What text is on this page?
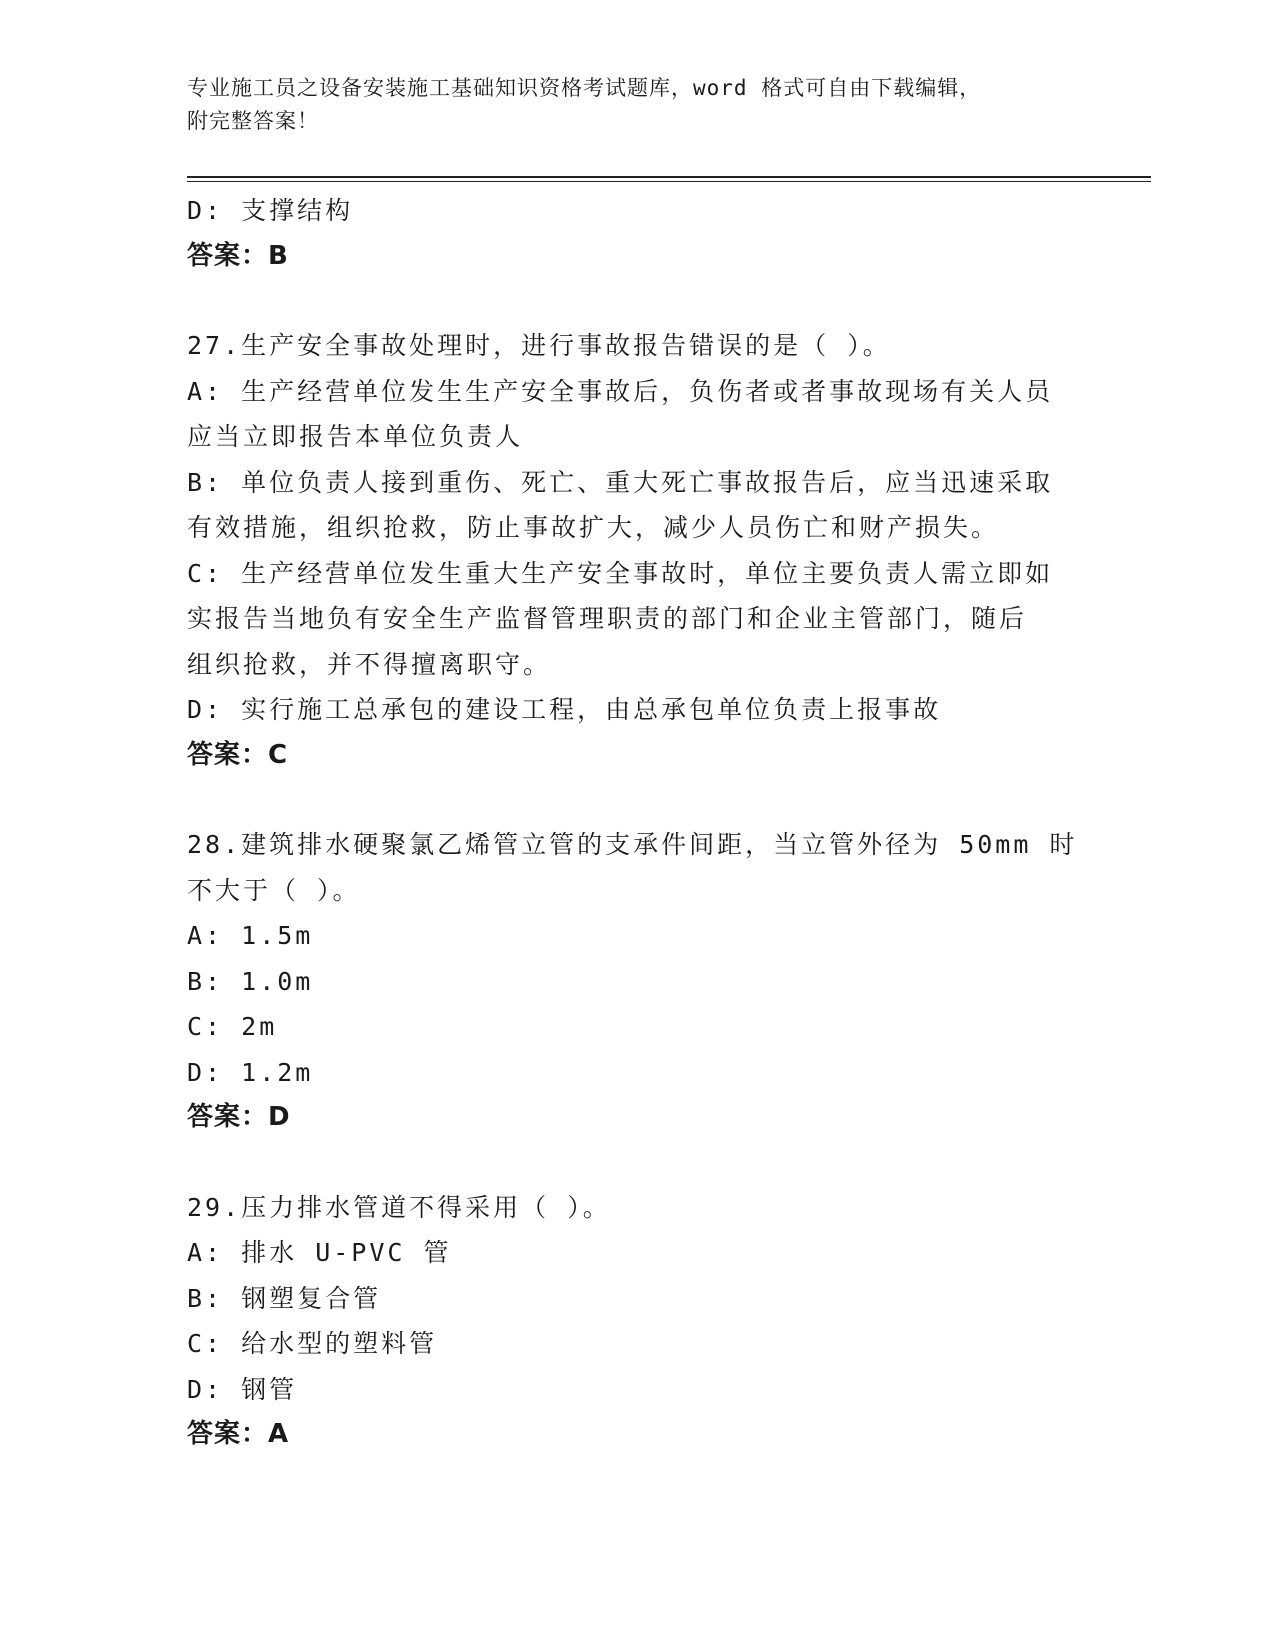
专业施工员之设备安装施工基础知识资格考试题库，word 格式可自由下载编辑，
附完整答案！
D: 支撑结构
答案：B
27.生产安全事故处理时，进行事故报告错误的是（ ）。
A: 生产经营单位发生生产安全事故后，负伤者或者事故现场有关人员
应当立即报告本单位负责人
B: 单位负责人接到重伤、死亡、重大死亡事故报告后，应当迅速采取
有效措施，组织抢救，防止事故扩大，减少人员伤亡和财产损失。
C: 生产经营单位发生重大生产安全事故时，单位主要负责人需立即如
实报告当地负有安全生产监督管理职责的部门和企业主管部门，随后
组织抢救，并不得擅离职守。
D: 实行施工总承包的建设工程，由总承包单位负责上报事故
答案：C
28.建筑排水硬聚氯乙烯管立管的支承件间距，当立管外径为 50mm 时
不大于（ ）。
A: 1.5m
B: 1.0m
C: 2m
D: 1.2m
答案：D
29.压力排水管道不得采用（ ）。
A: 排水 U-PVC 管
B: 钢塑复合管
C: 给水型的塑料管
D: 钢管
答案：A
